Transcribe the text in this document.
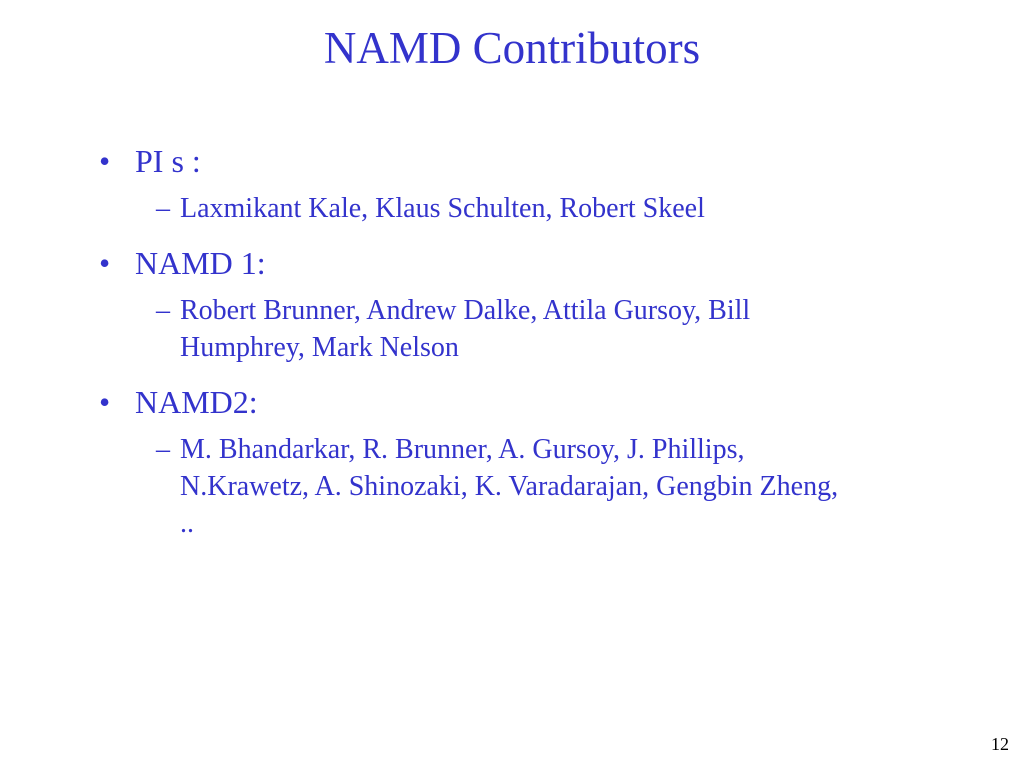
NAMD Contributors
• PI s :
– Laxmikant Kale, Klaus Schulten, Robert Skeel
• NAMD 1:
– Robert Brunner, Andrew Dalke, Attila Gursoy, Bill
Humphrey, Mark Nelson
• NAMD2:
– M. Bhandarkar, R. Brunner, A. Gursoy, J. Phillips,
N.Krawetz, A. Shinozaki, K. Varadarajan, Gengbin Zheng,
..
12
